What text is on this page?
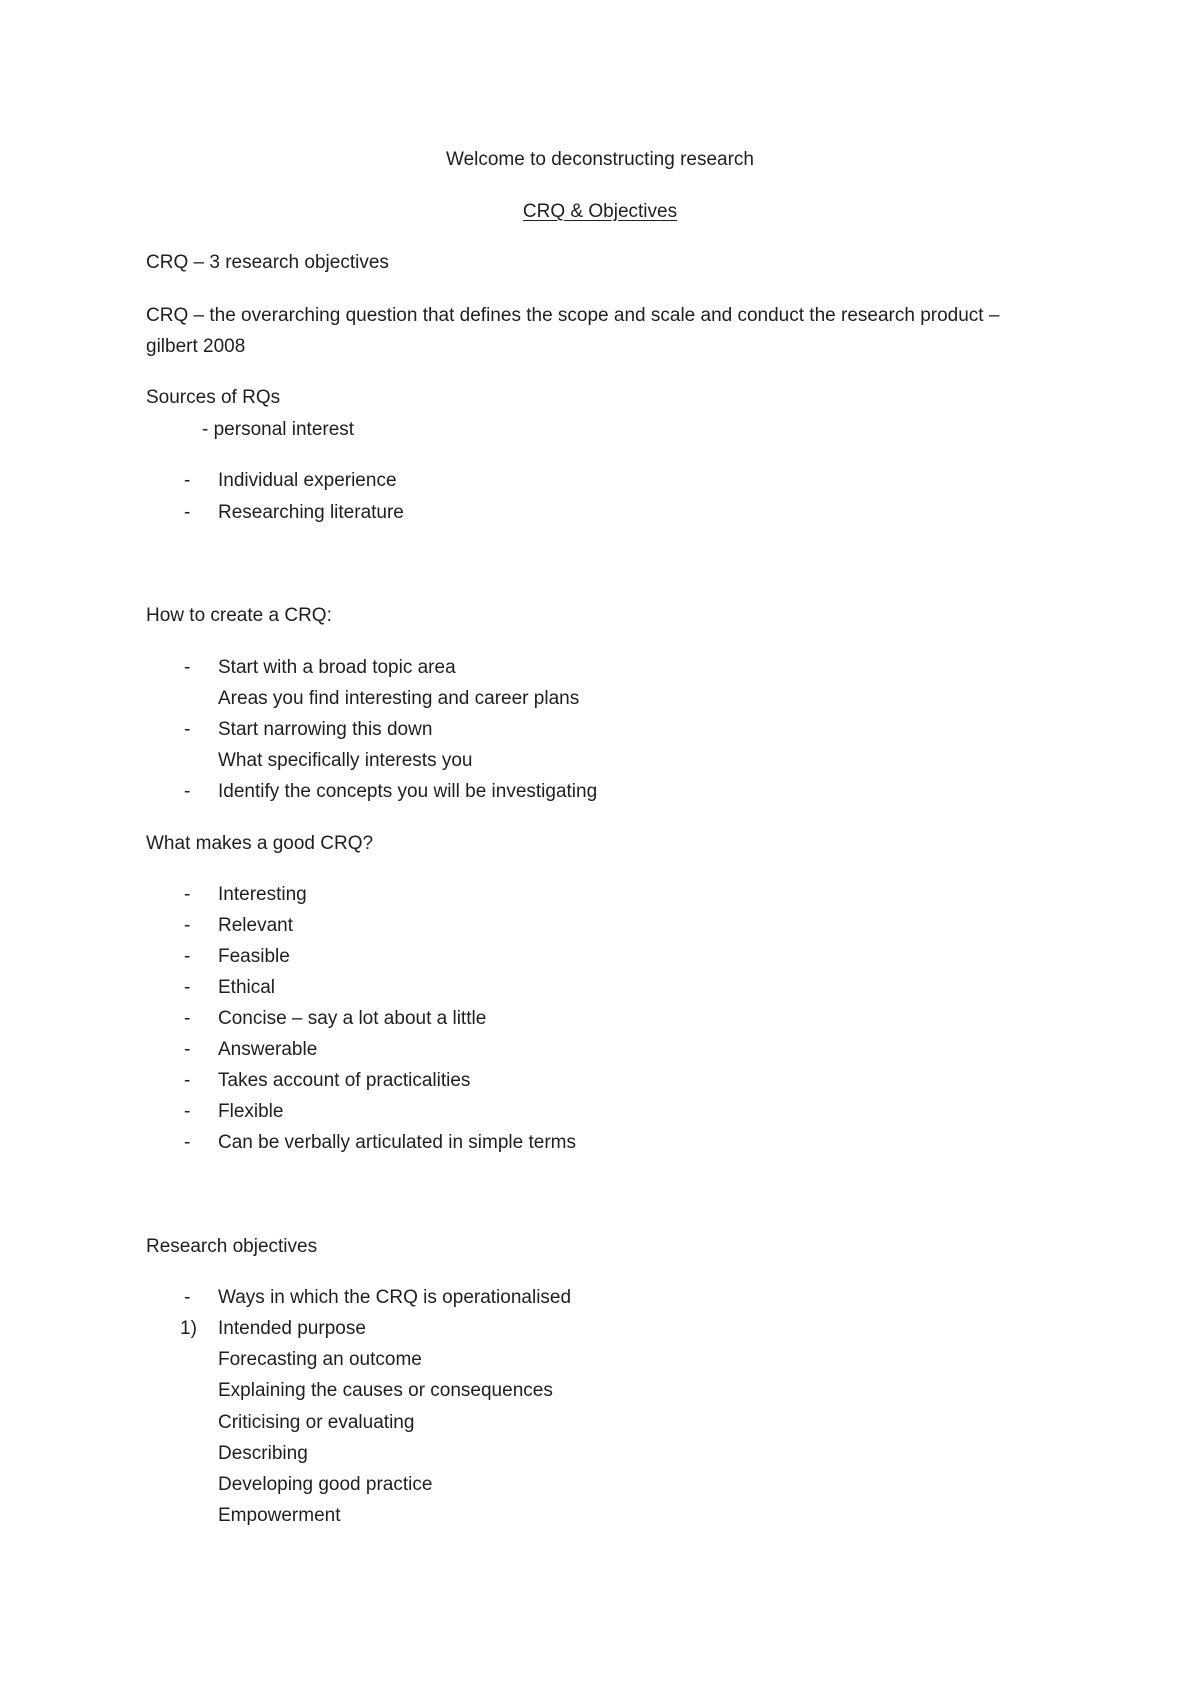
Welcome to deconstructing research
CRQ & Objectives
CRQ – 3 research objectives
CRQ – the overarching question that defines the scope and scale and conduct the research product –
gilbert 2008
Sources of RQs
- personal interest
- Individual experience
- Researching literature
How to create a CRQ:
- Start with a broad topic area
Areas you find interesting and career plans
- Start narrowing this down
What specifically interests you
- Identify the concepts you will be investigating
What makes a good CRQ?
- Interesting
- Relevant
- Feasible
- Ethical
- Concise – say a lot about a little
- Answerable
- Takes account of practicalities
- Flexible
- Can be verbally articulated in simple terms
Research objectives
- Ways in which the CRQ is operationalised
1) Intended purpose
Forecasting an outcome
Explaining the causes or consequences
Criticising or evaluating
Describing
Developing good practice
Empowerment
